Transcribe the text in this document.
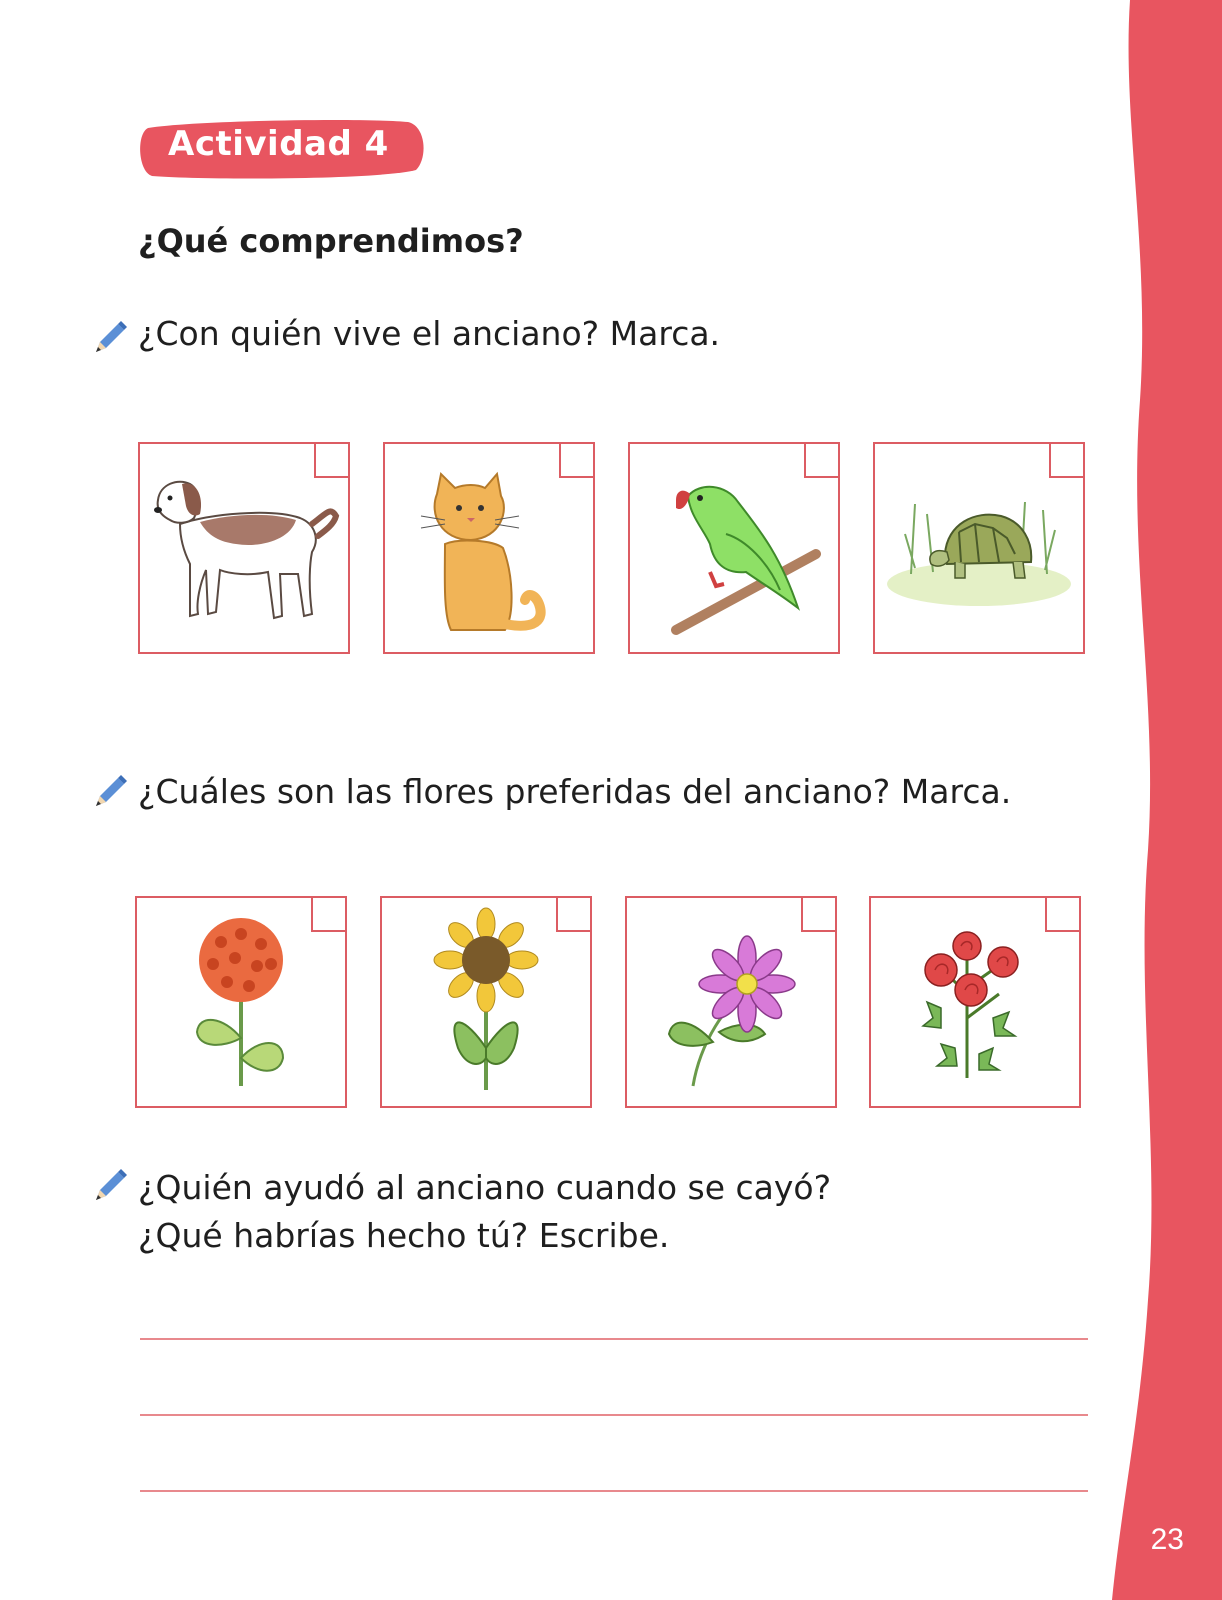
23
Actividad 4
¿Qué comprendimos?
¿Con quién vive el anciano? Marca.
¿Cuáles son las flores preferidas del anciano? Marca.
¿Quién ayudó al anciano cuando se cayó?
¿Qué habrías hecho tú? Escribe.
